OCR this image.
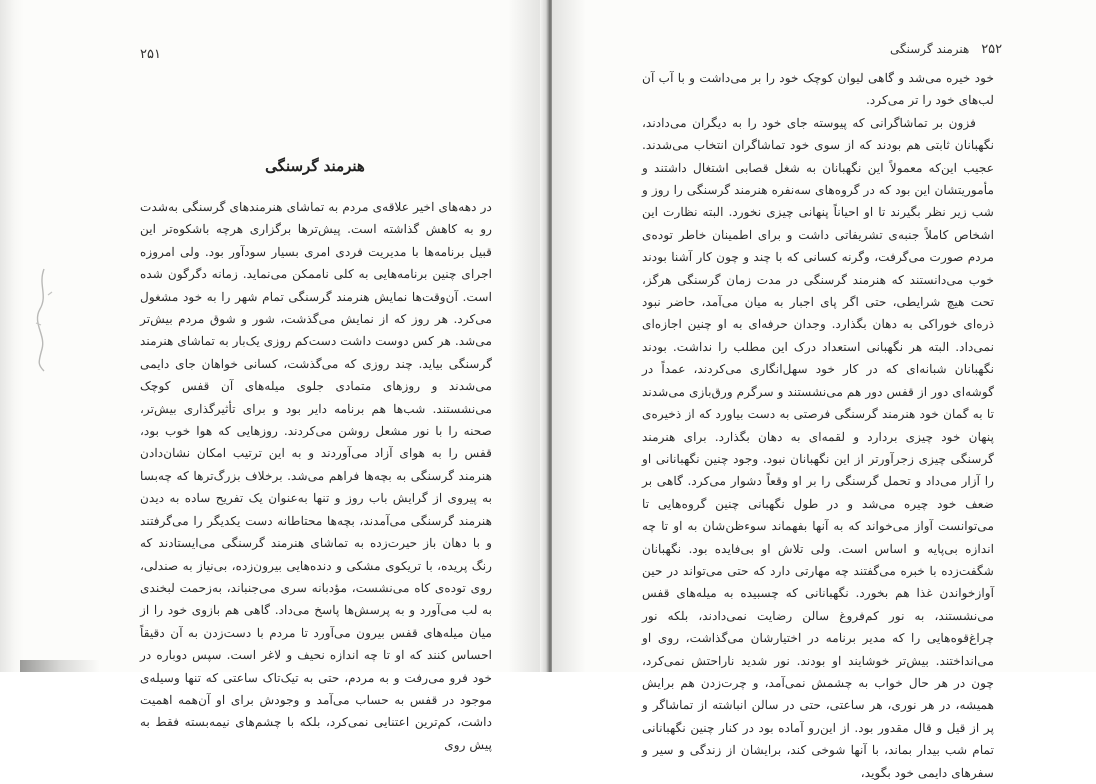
۲۵۱
هنرمند گرسنگی

در دهه‌های اخیر علاقه‌ی مردم به تماشای هنرمندهای گرسنگی به‌شدت رو به کاهش گذاشته است. پیش‌ترها برگزاری هرچه باشکوه‌تر این قبیل برنامه‌ها با مدیریت فردی امری بسیار سودآور بود. ولی امروزه اجرای چنین برنامه‌هایی به کلی ناممکن می‌نماید. زمانه دگرگون شده است. آن‌وقت‌ها نمایش هنرمند گرسنگی تمام شهر را به خود مشغول می‌کرد. هر روز که از نمایش می‌گذشت، شور و شوق مردم بیش‌تر می‌شد. هر کس دوست داشت دست‌کم روزی یک‌بار به تماشای هنرمند گرسنگی بیاید. چند روزی که می‌گذشت، کسانی خواهان جای دایمی می‌شدند و روزهای متمادی جلوی میله‌های آن قفس کوچک می‌نشستند. شب‌ها هم برنامه دایر بود و برای تأثیرگذاری بیش‌تر، صحنه را با نور مشعل روشن می‌کردند. روزهایی که هوا خوب بود، قفس را به هوای آزاد می‌آوردند و به این ترتیب امکان نشان‌دادن هنرمند گرسنگی به بچه‌ها فراهم می‌شد. برخلاف بزرگ‌ترها که چه‌بسا به پیروی از گرایش باب روز و تنها به‌عنوان یک تفریح ساده به دیدن هنرمند گرسنگی می‌آمدند، بچه‌ها محتاطانه دست یکدیگر را می‌گرفتند و با دهان باز حیرت‌زده به تماشای هنرمند گرسنگی می‌ایستادند که رنگ پریده، با تریکوی مشکی و دنده‌هایی بیرون‌زده، بی‌نیاز به صندلی، روی توده‌ی کاه می‌نشست، مؤدبانه سری می‌جنباند، به‌زحمت لبخندی به لب می‌آورد و به پرسش‌ها پاسخ می‌داد. گاهی هم بازوی خود را از میان میله‌های قفس بیرون می‌آورد تا مردم با دست‌زدن به آن دقیقاً احساس کنند که او تا چه اندازه نحیف و لاغر است. سپس دوباره در خود فرو می‌رفت و به مردم، حتی به تیک‌تاک ساعتی که تنها وسیله‌ی موجود در قفس به حساب می‌آمد و وجودش برای او آن‌همه اهمیت داشت، کم‌ترین اعتنایی نمی‌کرد، بلکه با چشم‌های نیمه‌بسته فقط به پیش روی

۲۵۲ هنرمند گرسنگی

خود خیره می‌شد و گاهی لیوان کوچک خود را بر می‌داشت و با آب آن لب‌های خود را تر می‌کرد.

فزون بر تماشاگرانی که پیوسته جای خود را به دیگران می‌دادند، نگهبانان ثابتی هم بودند که از سوی خود تماشاگران انتخاب می‌شدند. عجیب این‌که معمولاً این نگهبانان به شغل قصابی اشتغال داشتند و مأموریتشان این بود که در گروه‌های سه‌نفره هنرمند گرسنگی را روز و شب زیر نظر بگیرند تا او احیاناً پنهانی چیزی نخورد. البته نظارت این اشخاص کاملاً جنبه‌ی تشریفاتی داشت و برای اطمینان خاطر توده‌ی مردم صورت می‌گرفت، وگرنه کسانی که با چند و چون کار آشنا بودند خوب می‌دانستند که هنرمند گرسنگی در مدت زمان گرسنگی هرگز، تحت هیچ شرایطی، حتی اگر پای اجبار به میان می‌آمد، حاضر نبود ذره‌ای خوراکی به دهان بگذارد. وجدان حرفه‌ای به او چنین اجازه‌ای نمی‌داد. البته هر نگهبانی استعداد درک این مطلب را نداشت. بودند نگهبانان شبانه‌ای که در کار خود سهل‌انگاری می‌کردند، عمداً در گوشه‌ای دور از قفس دور هم می‌نشستند و سرگرم ورق‌بازی می‌شدند تا به گمان خود هنرمند گرسنگی فرصتی به دست بیاورد که از ذخیره‌ی پنهان خود چیزی بردارد و لقمه‌ای به دهان بگذارد. برای هنرمند گرسنگی چیزی زجرآورتر از این نگهبانان نبود. وجود چنین نگهبانانی او را آزار می‌داد و تحمل گرسنگی را بر او وقعاً دشوار می‌کرد. گاهی بر ضعف خود چیره می‌شد و در طول نگهبانی چنین گروه‌هایی تا می‌توانست آواز می‌خواند که به آنها بفهماند سوءظن‌شان به او تا چه اندازه بی‌پایه و اساس است. ولی تلاش او بی‌فایده بود. نگهبانان شگفت‌زده با خبره می‌گفتند چه مهارتی دارد که حتی می‌تواند در حین آوازخواندن غذا هم بخورد. نگهبانانی که چسبیده به میله‌های قفس می‌نشستند، به نور کم‌فروغ سالن رضایت نمی‌دادند، بلکه نور چراغ‌قوه‌هایی را که مدیر برنامه در اختیارشان می‌گذاشت، روی او می‌انداختند. بیش‌تر خوشایند او بودند. نور شدید ناراحتش نمی‌کرد، چون در هر حال خواب به چشمش نمی‌آمد، و چرت‌زدن هم برایش همیشه، در هر نوری، هر ساعتی، حتی در سالن انباشته از تماشاگر و پر از قیل و قال مقدور بود. از این‌رو آماده بود در کنار چنین نگهبانانی تمام شب بیدار بماند، با آنها شوخی کند، برایشان از زندگی و سیر و سفرهای دایمی خود بگوید،
